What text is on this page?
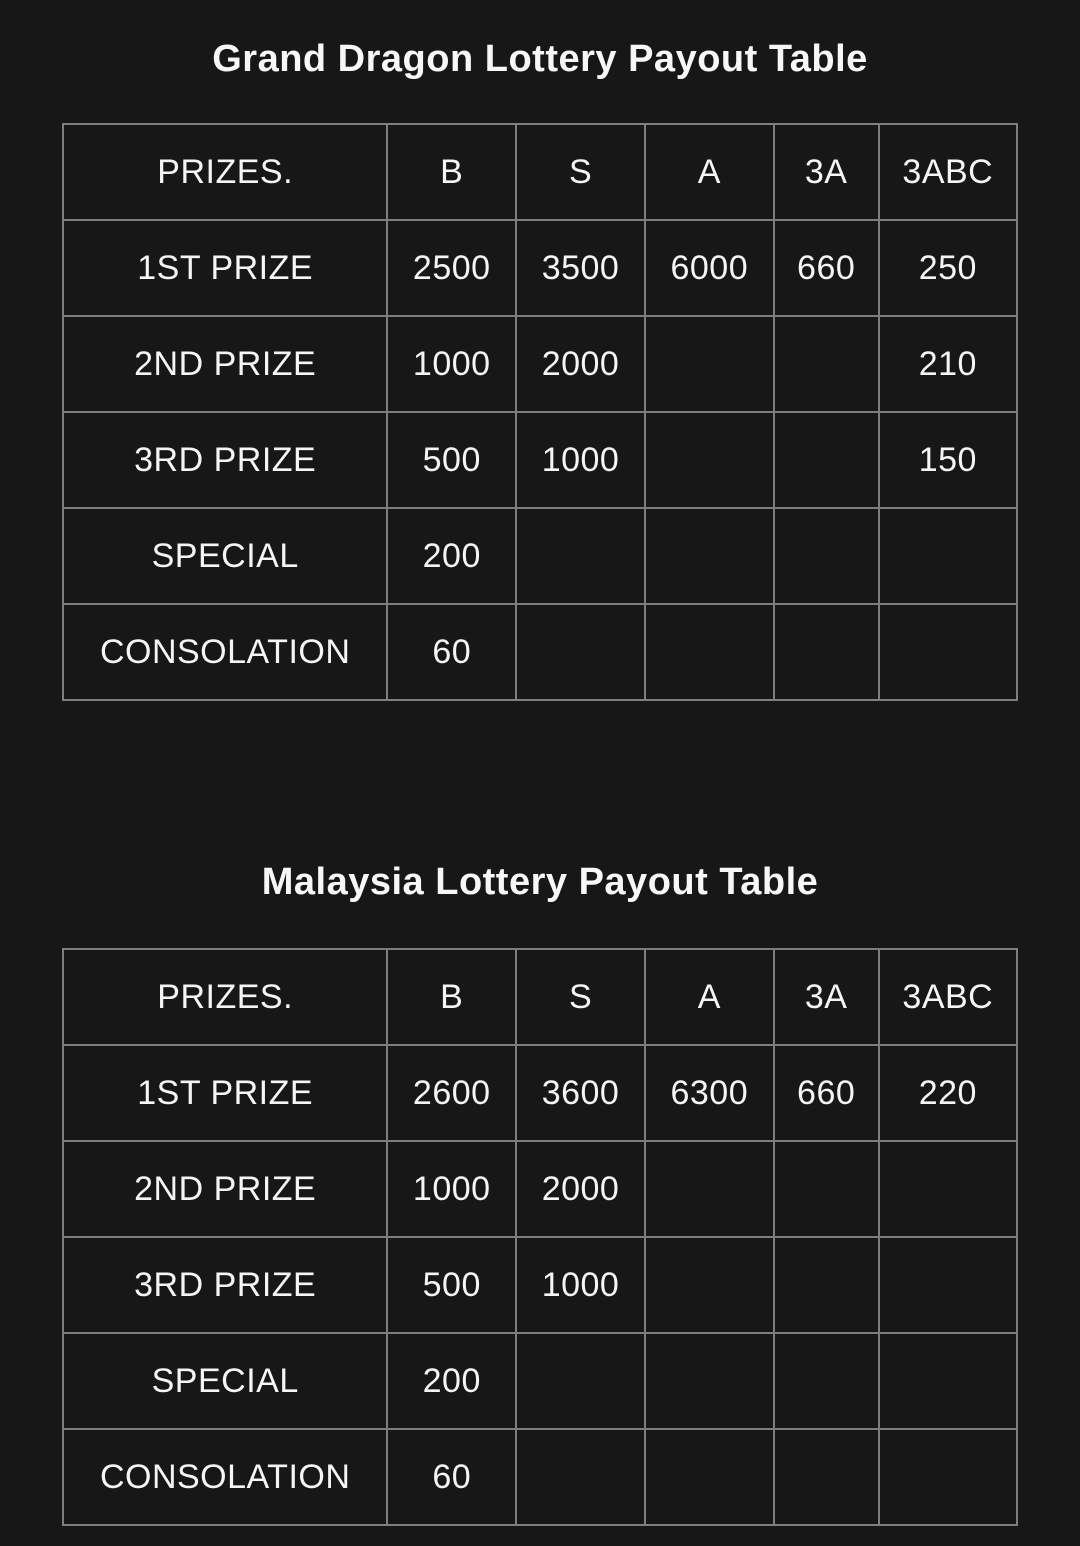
Grand Dragon Lottery Payout Table
PRIZES.	B	S	A	3A	3ABC
1ST PRIZE	2500	3500	6000	660	250
2ND PRIZE	1000	2000			210
3RD PRIZE	500	1000			150
SPECIAL	200				
CONSOLATION	60				
Malaysia Lottery Payout Table
PRIZES.	B	S	A	3A	3ABC
1ST PRIZE	2600	3600	6300	660	220
2ND PRIZE	1000	2000			
3RD PRIZE	500	1000			
SPECIAL	200				
CONSOLATION	60				
